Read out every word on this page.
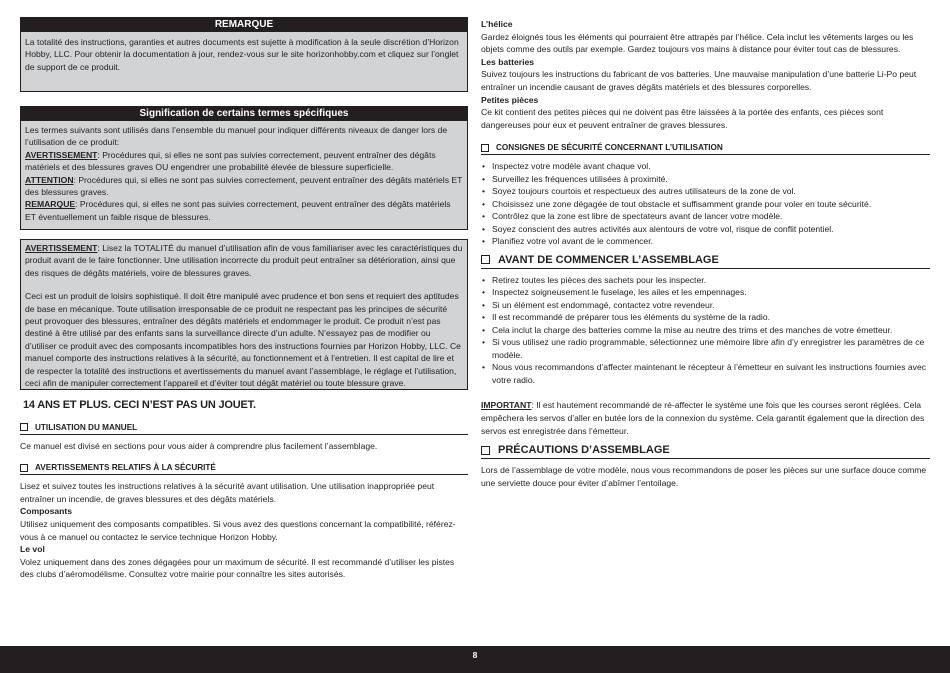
REMARQUE

La totalité des instructions, garanties et autres documents est sujette à modification à la seule discrétion d’Horizon Hobby, LLC. Pour obtenir la documentation à jour, rendez-vous sur le site horizonhobby.com et cliquez sur l’onglet de support de ce produit.

Signification de certains termes spécifiques

Les termes suivants sont utilisés dans l’ensemble du manuel pour indiquer différents niveaux de danger lors de l’utilisation de ce produit:

AVERTISSEMENT: Procédures qui, si elles ne sont pas suivies correctement, peuvent entraîner des dégâts matériels et des blessures graves OU engendrer une probabilité élevée de blessure superficielle.

ATTENTION: Procédures qui, si elles ne sont pas suivies correctement, peuvent entraîner des dégâts matériels ET des blessures graves.

REMARQUE: Procédures qui, si elles ne sont pas suivies correctement, peuvent entraîner des dégâts matériels ET éventuellement un faible risque de blessures.

AVERTISSEMENT: Lisez la TOTALITÉ du manuel d’utilisation afin de vous familiariser avec les caractéristiques du produit avant de le faire fonctionner. Une utilisation incorrecte du produit peut entraîner sa détérioration, ainsi que des risques de dégâts matériels, voire de blessures graves.

Ceci est un produit de loisirs sophistiqué. Il doit être manipulé avec prudence et bon sens et requiert des aptitudes de base en mécanique. Toute utilisation irresponsable de ce produit ne respectant pas les principes de sécurité peut provoquer des blessures, entraîner des dégâts matériels et endommager le produit. Ce produit n’est pas destiné à être utilisé par des enfants sans la surveillance directe d’un adulte. N’essayez pas de modifier ou d’utiliser ce produit avec des composants incompatibles hors des instructions fournies par Horizon Hobby, LLC. Ce manuel comporte des instructions relatives à la sécurité, au fonctionnement et à l’entretien. Il est capital de lire et de respecter la totalité des instructions et avertissements du manuel avant l’assemblage, le réglage et l’utilisation, ceci afin de manipuler correctement l’appareil et d’éviter tout dégât matériel ou toute blessure grave.

14 ANS ET PLUS. CECI N’EST PAS UN JOUET.

UTILISATION DU MANUEL

Ce manuel est divisé en sections pour vous aider à comprendre plus facilement l’assemblage.

AVERTISSEMENTS RELATIFS À LA SÉCURITÉ

Lisez et suivez toutes les instructions relatives à la sécurité avant utilisation. Une utilisation inappropriée peut entraîner un incendie, de graves blessures et des dégâts matériels.

Composants

Utilisez uniquement des composants compatibles. Si vous avez des questions concernant la compatibilité, référez-vous à ce manuel ou contactez le service technique Horizon Hobby.

Le vol

Volez uniquement dans des zones dégagées pour un maximum de sécurité. Il est recommandé d’utiliser les pistes des clubs d’aéromodélisme. Consultez votre mairie pour connaître les sites autorisés.

L’hélice

Gardez éloignés tous les éléments qui pourraient être attrapés par l’hélice. Cela inclut les vêtements larges ou les objets comme des outils par exemple. Gardez toujours vos mains à distance pour éviter tout cas de blessures.

Les batteries

Suivez toujours les instructions du fabricant de vos batteries. Une mauvaise manipulation d’une batterie Li-Po peut entraîner un incendie causant de graves dégâts matériels et des blessures corporelles.

Petites pièces

Ce kit contient des petites pièces qui ne doivent pas être laissées à la portée des enfants, ces pièces sont dangereuses pour eux et peuvent entraîner de graves blessures.

CONSIGNES DE SÉCURITÉ CONCERNANT L’UTILISATION
• Inspectez votre modèle avant chaque vol.
• Surveillez les fréquences utilisées à proximité.
• Soyez toujours courtois et respectueux des autres utilisateurs de la zone de vol.
• Choisissez une zone dégagée de tout obstacle et suffisamment grande pour voler en toute sécurité.
• Contrôlez que la zone est libre de spectateurs avant de lancer votre modèle.
• Soyez conscient des autres activités aux alentours de votre vol, risque de conflit potentiel.
• Planifiez votre vol avant de le commencer.
AVANT DE COMMENCER L’ASSEMBLAGE
• Retirez toutes les pièces des sachets pour les inspecter.
• Inspectez soigneusement le fuselage, les ailes et les empennages.
• Si un élément est endommagé, contactez votre revendeur.
• Il est recommandé de préparer tous les éléments du système de la radio.
• Cela inclut la charge des batteries comme la mise au neutre des trims et des manches de votre émetteur.
• Si vous utilisez une radio programmable, sélectionnez une mémoire libre afin d’y enregistrer les paramètres de ce modèle.
• Nous vous recommandons d’affecter maintenant le récepteur à l’émetteur en suivant les instructions fournies avec votre radio.

IMPORTANT: Il est hautement recommandé de ré-affecter le système une fois que les courses seront réglées. Cela empêchera les servos d’aller en butée lors de la connexion du système. Cela garantit également que la direction des servos est enregistrée dans l’émetteur.

PRÉCAUTIONS D’ASSEMBLAGE

Lors de l’assemblage de votre modèle, nous vous recommandons de poser les pièces sur une surface douce comme une serviette douce pour éviter d’abîmer l’entoilage.

8
